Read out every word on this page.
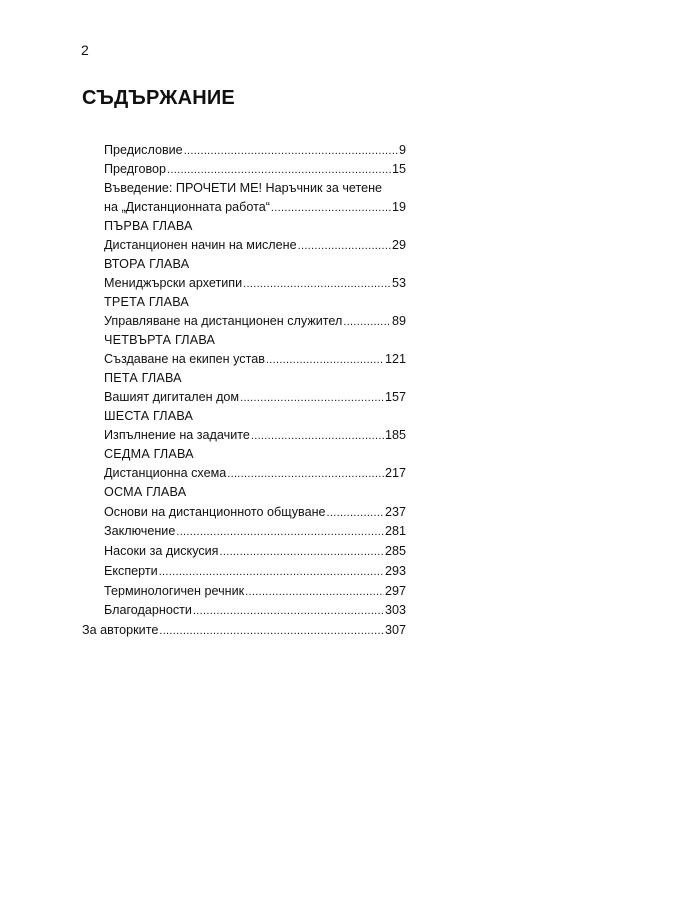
2
СЪДЪРЖАНИЕ
Предисловие .....	9
Предговор .....	15
Въведение: ПРОЧЕТИ МЕ! Наръчник за четене
на „Дистанционната работа“ .....	19
ПЪРВА ГЛАВА
Дистанционен начин на мислене .....	29
ВТОРА ГЛАВА
Мениджърски архетипи .....	53
ТРЕТА ГЛАВА
Управляване на дистанционен служител .....	89
ЧЕТВЪРТА ГЛАВА
Създаване на екипен устав .....	121
ПЕТА ГЛАВА
Вашият дигитален дом .....	157
ШЕСТА ГЛАВА
Изпълнение на задачите .....	185
СЕДМА ГЛАВА
Дистанционна схема .....	217
ОСМА ГЛАВА
Основи на дистанционното общуване .....	237
Заключение .....	281
Насоки за дискусия .....	285
Експерти .....	293
Терминологичен речник .....	297
Благодарности .....	303
За авторките .....	307
